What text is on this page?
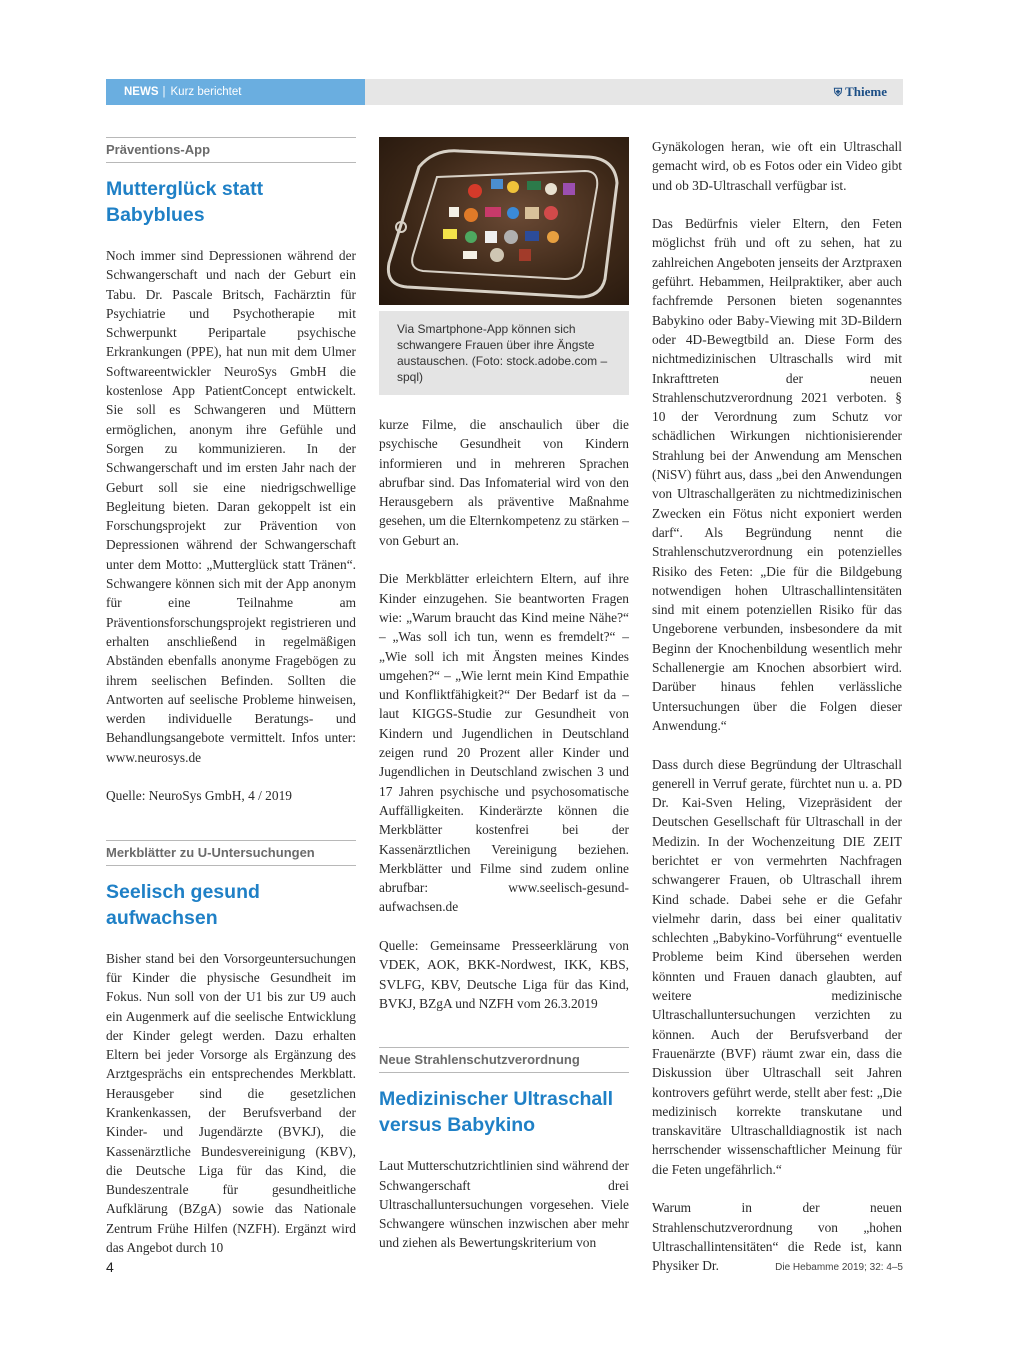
NEWS | Kurz berichtet	⛨ Thieme
Präventions-App
Mutterglück statt Babyblues

Noch immer sind Depressionen während der Schwangerschaft und nach der Geburt ein Tabu. Dr. Pascale Britsch, Fachärztin für Psychiatrie und Psychotherapie mit Schwerpunkt Peripartale psychische Erkrankungen (PPE), hat nun mit dem Ulmer Softwareentwickler NeuroSys GmbH die kostenlose App PatientConcept entwickelt. Sie soll es Schwangeren und Müttern ermöglichen, anonym ihre Gefühle und Sorgen zu kommunizieren. In der Schwangerschaft und im ersten Jahr nach der Geburt soll sie eine niedrigschwellige Begleitung bieten. Daran gekoppelt ist ein Forschungsprojekt zur Prävention von Depressionen während der Schwangerschaft unter dem Motto: „Mutterglück statt Tränen“. Schwangere können sich mit der App anonym für eine Teilnahme am Präventionsforschungsprojekt registrieren und erhalten anschließend in regelmäßigen Abständen ebenfalls anonyme Fragebögen zu ihrem seelischen Befinden. Sollten die Antworten auf seelische Probleme hinweisen, werden individuelle Beratungs- und Behandlungsangebote vermittelt. Infos unter: www.neurosys.de

Quelle: NeuroSys GmbH, 4 / 2019

Merkblätter zu U-Untersuchungen
Seelisch gesund aufwachsen

Bisher stand bei den Vorsorgeuntersuchungen für Kinder die physische Gesundheit im Fokus. Nun soll von der U1 bis zur U9 auch ein Augenmerk auf die seelische Entwicklung der Kinder gelegt werden. Dazu erhalten Eltern bei jeder Vorsorge als Ergänzung des Arztgesprächs ein entsprechendes Merkblatt. Herausgeber sind die gesetzlichen Krankenkassen, der Berufsverband der Kinder- und Jugendärzte (BVKJ), die Kassenärztliche Bundesvereinigung (KBV), die Deutsche Liga für das Kind, die Bundeszentrale für gesundheitliche Aufklärung (BZgA) sowie das Nationale Zentrum Frühe Hilfen (NZFH). Ergänzt wird das Angebot durch 10

Via Smartphone-App können sich schwangere Frauen über ihre Ängste austauschen. (Foto: stock.adobe.com – spql)

kurze Filme, die anschaulich über die psychische Gesundheit von Kindern informieren und in mehreren Sprachen abrufbar sind. Das Infomaterial wird von den Herausgebern als präventive Maßnahme gesehen, um die Elternkompetenz zu stärken – von Geburt an.

Die Merkblätter erleichtern Eltern, auf ihre Kinder einzugehen. Sie beantworten Fragen wie: „Warum braucht das Kind meine Nähe?“ – „Was soll ich tun, wenn es fremdelt?“ – „Wie soll ich mit Ängsten meines Kindes umgehen?“ – „Wie lernt mein Kind Empathie und Konfliktfähigkeit?“ Der Bedarf ist da – laut KIGGS-Studie zur Gesundheit von Kindern und Jugendlichen in Deutschland zeigen rund 20 Prozent aller Kinder und Jugendlichen in Deutschland zwischen 3 und 17 Jahren psychische und psychosomatische Auffälligkeiten. Kinderärzte können die Merkblätter kostenfrei bei der Kassenärztlichen Vereinigung beziehen. Merkblätter und Filme sind zudem online abrufbar: www.seelisch-gesund-aufwachsen.de

Quelle: Gemeinsame Presseerklärung von VDEK, AOK, BKK-Nordwest, IKK, KBS, SVLFG, KBV, Deutsche Liga für das Kind, BVKJ, BZgA und NZFH vom 26.3.2019

Neue Strahlenschutzverordnung
Medizinischer Ultraschall versus Babykino

Laut Mutterschutzrichtlinien sind während der Schwangerschaft drei Ultraschalluntersuchungen vorgesehen. Viele Schwangere wünschen inzwischen aber mehr und ziehen als Bewertungskriterium von

Gynäkologen heran, wie oft ein Ultraschall gemacht wird, ob es Fotos oder ein Video gibt und ob 3D-Ultraschall verfügbar ist.

Das Bedürfnis vieler Eltern, den Feten möglichst früh und oft zu sehen, hat zu zahlreichen Angeboten jenseits der Arztpraxen geführt. Hebammen, Heilpraktiker, aber auch fachfremde Personen bieten sogenanntes Babykino oder Baby-Viewing mit 3D-Bildern oder 4D-Bewegtbild an. Diese Form des nichtmedizinischen Ultraschalls wird mit Inkrafttreten der neuen Strahlenschutzverordnung 2021 verboten. § 10 der Verordnung zum Schutz vor schädlichen Wirkungen nichtionisierender Strahlung bei der Anwendung am Menschen (NiSV) führt aus, dass „bei den Anwendungen von Ultraschallgeräten zu nichtmedizinischen Zwecken ein Fötus nicht exponiert werden darf“. Als Begründung nennt die Strahlenschutzverordnung ein potenzielles Risiko des Feten: „Die für die Bildgebung notwendigen hohen Ultraschallintensitäten sind mit einem potenziellen Risiko für das Ungeborene verbunden, insbesondere da mit Beginn der Knochenbildung wesentlich mehr Schallenergie am Knochen absorbiert wird. Darüber hinaus fehlen verlässliche Untersuchungen über die Folgen dieser Anwendung.“

Dass durch diese Begründung der Ultraschall generell in Verruf gerate, fürchtet nun u. a. PD Dr. Kai-Sven Heling, Vizepräsident der Deutschen Gesellschaft für Ultraschall in der Medizin. In der Wochenzeitung DIE ZEIT berichtet er von vermehrten Nachfragen schwangerer Frauen, ob Ultraschall ihrem Kind schade. Dabei sehe er die Gefahr vielmehr darin, dass bei einer qualitativ schlechten „Babykino-Vorführung“ eventuelle Probleme beim Kind übersehen werden könnten und Frauen danach glaubten, auf weitere medizinische Ultraschalluntersuchungen verzichten zu können. Auch der Berufsverband der Frauenärzte (BVF) räumt zwar ein, dass die Diskussion über Ultraschall seit Jahren kontrovers geführt werde, stellt aber fest: „Die medizinisch korrekte transkutane und transkavitäre Ultraschalldiagnostik ist nach herrschender wissenschaftlicher Meinung für die Feten ungefährlich.“

Warum in der neuen Strahlenschutzverordnung von „hohen Ultraschallintensitäten“ die Rede ist, kann Physiker Dr.

4	Die Hebamme 2019; 32: 4–5
